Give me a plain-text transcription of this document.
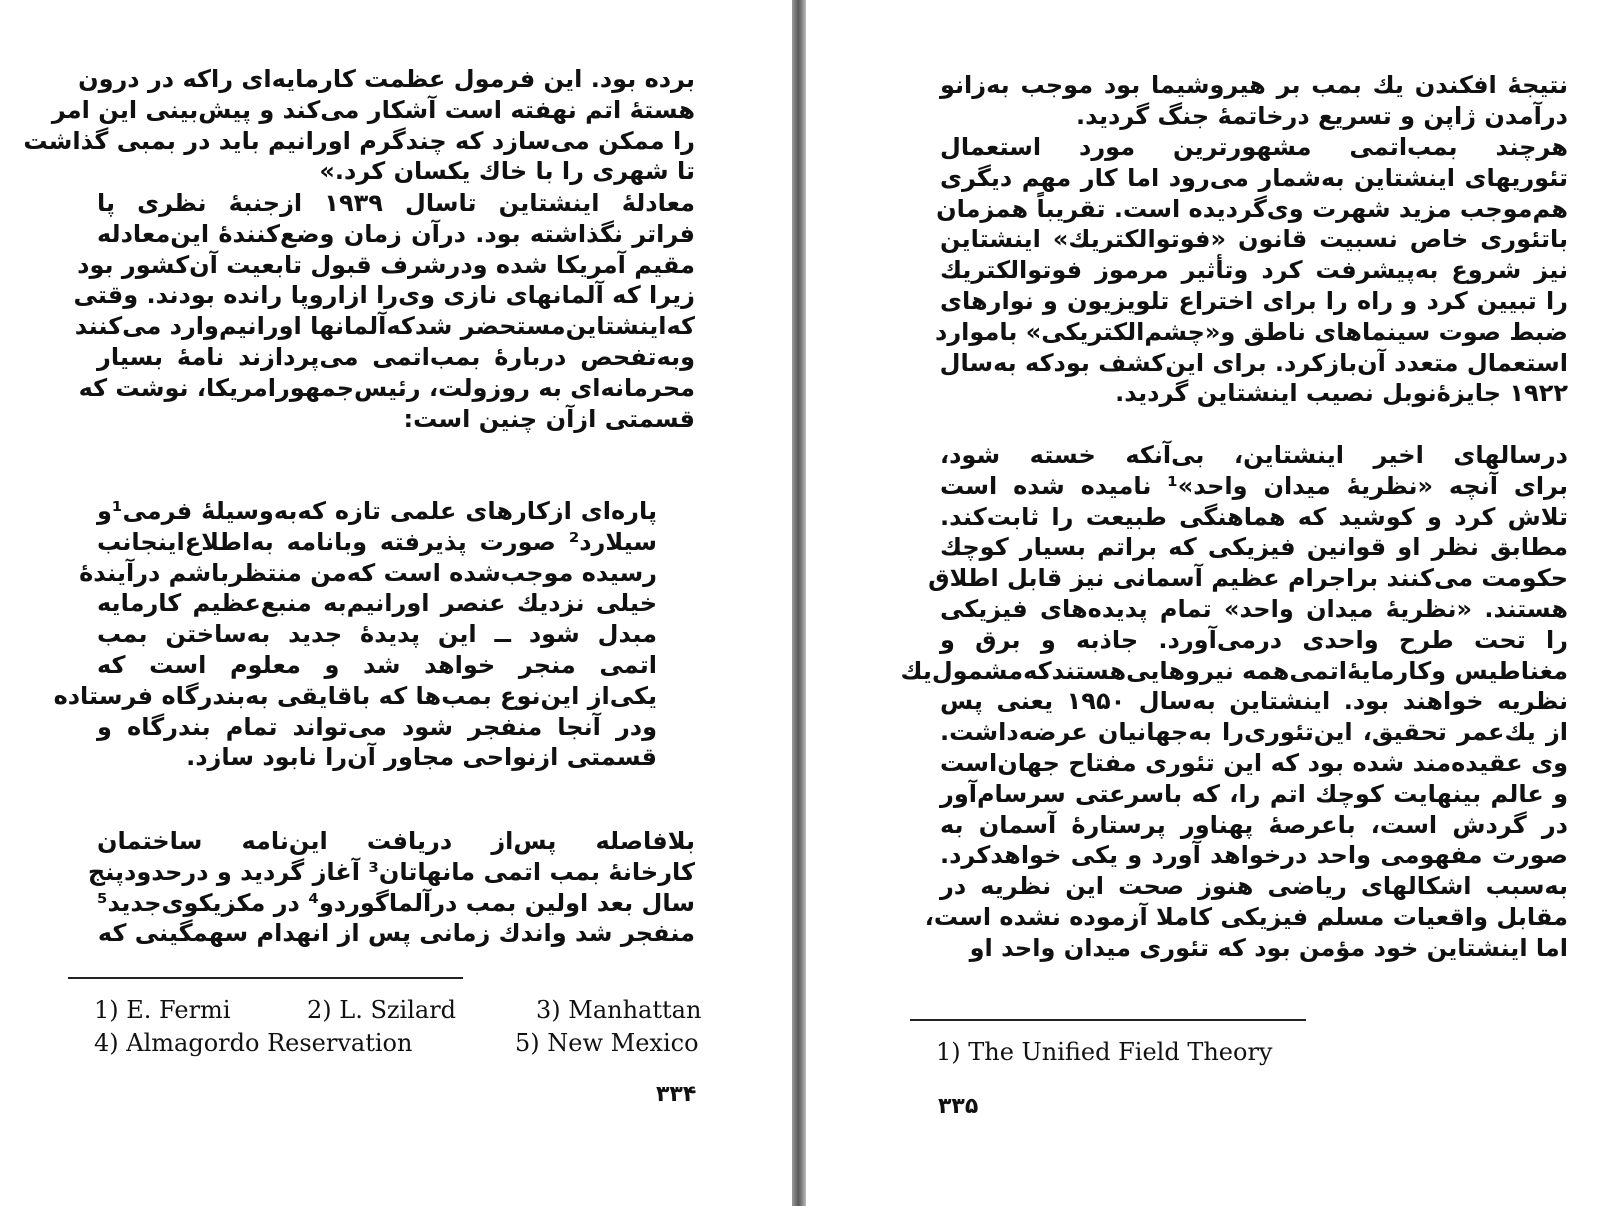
برده بود. این فرمول عظمت کارمایه‌ای راکه در درون
هستهٔ اتم نهفته است آشکار می‌کند و پیش‌بینی این امر
را ممکن می‌سازد که چندگرم اورانیم باید در بمبی گذاشت
تا شهری را با خاك یکسان کرد.»
معادلهٔ اینشتاین تاسال ۱۹۳۹ ازجنبهٔ نظری پا
فراتر نگذاشته بود. درآن زمان وضع‌کنندهٔ این‌معادله
مقیم آمریکا شده ودرشرف قبول تابعیت آن‌کشور بود
زیرا که آلمانهای نازی وی‌را ازاروپا رانده بودند. وقتی
که‌اینشتاین‌مستحضر شدکه‌آلمانها اورانیم‌وارد می‌کنند
وبه‌تفحص دربارهٔ بمب‌اتمی می‌پردازند نامهٔ بسیار
محرمانه‌ای به روزولت، رئیس‌جمهورامریکا، نوشت که
قسمتی ازآن چنین است:
پاره‌ای ازکارهای علمی تازه که‌به‌وسیلهٔ فرمی¹و
سیلارد² صورت پذیرفته وبانامه به‌اطلاع‌اینجانب
رسیده موجب‌شده است که‌من منتظرباشم درآیندهٔ
خیلی نزدیك عنصر اورانیم‌به منبع‌عظیم کارمایه
مبدل شود ــ این پدیدهٔ جدید به‌ساختن بمب‌
اتمی منجر خواهد شد و معلوم است که
یکی‌از این‌نوع بمب‌ها که باقایقی به‌بندرگاه فرستاده
ودر آنجا منفجر شود می‌تواند تمام بندرگاه و
قسمتی ازنواحی مجاور آن‌را نابود سازد.
بلافاصله پس‌از دریافت این‌نامه ساختمان
کارخانهٔ بمب اتمی مانهاتان³ آغاز گردید و درحدودپنج
سال بعد اولین بمب درآلماگوردو⁴ در مکزیکوی‌جدید⁵
منفجر شد واندك زمانی پس از انهدام سهمگینی که
1) E. Fermi	2) L. Szilard	3) Manhattan
4) Almagordo Reservation	5) New Mexico
۳۳۴
نتیجهٔ افکندن یك بمب بر هیروشیما بود موجب به‌زانو
درآمدن ژاپن و تسریع درخاتمهٔ جنگ گردید.
هرچند بمب‌اتمی مشهورترین مورد استعمال
تئوریهای اینشتاین به‌شمار می‌رود اما کار مهم دیگری
هم‌موجب مزید شهرت وی‌گردیده است. تقریباً همزمان
باتئوری خاص نسبیت قانون «فوتوالکتریك» اینشتاین
نیز شروع به‌پیشرفت کرد وتأثیر مرموز فوتوالکتریك
را تبیین کرد و راه را برای اختراع تلویزیون و نوارهای
ضبط صوت سینماهای ناطق و«چشم‌الکتریکی» باموارد
استعمال متعدد آن‌باز‌کرد. برای این‌کشف بودکه به‌سال
۱۹۲۲ جایزهٔ‌نوبل نصیب اینشتاین گردید.
درسالهای اخیر اینشتاین، بی‌آنکه خسته شود،
برای آنچه «نظریهٔ میدان واحد»¹ نامیده شده است
تلاش کرد و کوشید که هماهنگی طبیعت را ثابت‌کند.
مطابق نظر او قوانین فیزیکی که براتم بسیار کوچك
حکومت می‌کنند براجرام عظیم آسمانی نیز قابل اطلاق
هستند. «نظریهٔ میدان واحد» تمام پدیده‌های فیزیکی
را تحت طرح واحدی درمی‌آورد. جاذبه و برق و
مغناطیس وکارمایهٔ‌اتمی‌همه نیروهایی‌هستندکه‌مشمول‌یك
نظریه خواهند بود. اینشتاین به‌سال ۱۹۵۰ یعنی پس
از یك‌عمر تحقیق، این‌تئوری‌را به‌جهانیان عرضه‌داشت.
وی عقیده‌مند شده بود که این تئوری مفتاح جهان‌است
و عالم بینهایت کوچك اتم را، که باسرعتی سرسام‌آور
در گردش است، باعرصهٔ پهناور پرستارهٔ آسمان به
صورت مفهومی واحد درخواهد آورد و یکی خواهدکرد.
به‌سبب اشکالهای ریاضی هنوز صحت این نظریه در
مقابل واقعیات مسلم فیزیکی کاملا آزموده نشده است،
اما اینشتاین خود مؤمن بود که تئوری میدان واحد او
1) The Unified Field Theory
۳۳۵
